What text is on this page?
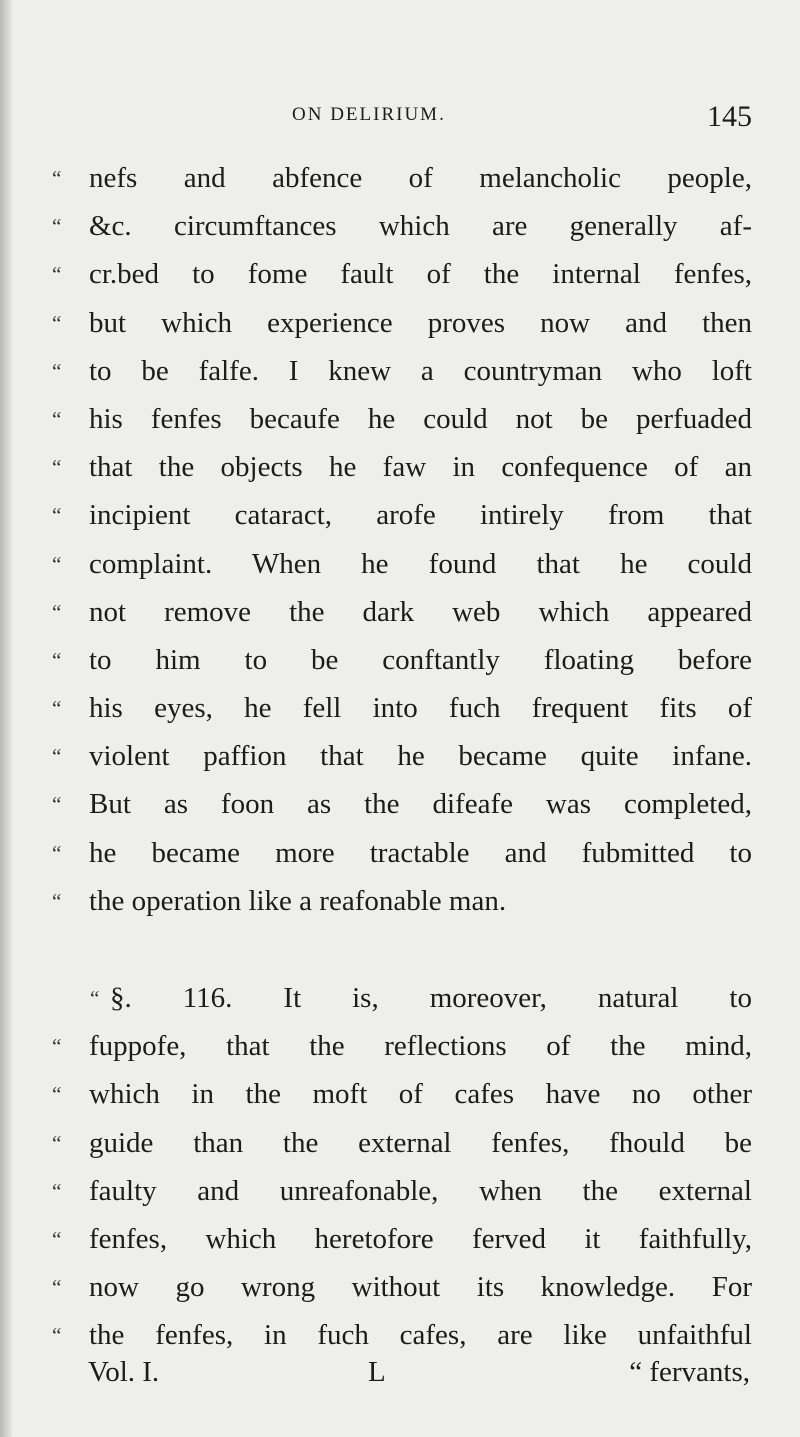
ON DELIRIUM.	145
“ nefs and abfence of melancholic people,
“ &c. circumftances which are generally af-
“ cr.bed to fome fault of the internal fenfes,
“ but which experience proves now and then
“ to be falfe. I knew a countryman who loft
“ his fenfes becaufe he could not be perfuaded
“ that the objects he faw in confequence of an
“ incipient cataract, arofe intirely from that
“ complaint. When he found that he could
“ not remove the dark web which appeared
“ to him to be conftantly floating before
“ his eyes, he fell into fuch frequent fits of
“ violent paffion that he became quite infane.
“ But as foon as the difeafe was completed,
“ he became more tractable and fubmitted to
“ the operation like a reafonable man.
“ §. 116. It is, moreover, natural to
“ fuppofe, that the reflections of the mind,
“ which in the moft of cafes have no other
“ guide than the external fenfes, fhould be
“ faulty and unreafonable, when the external
“ fenfes, which heretofore ferved it faithfully,
“ now go wrong without its knowledge. For
“ the fenfes, in fuch cafes, are like unfaithful
Vol. I.	L	“ fervants,
